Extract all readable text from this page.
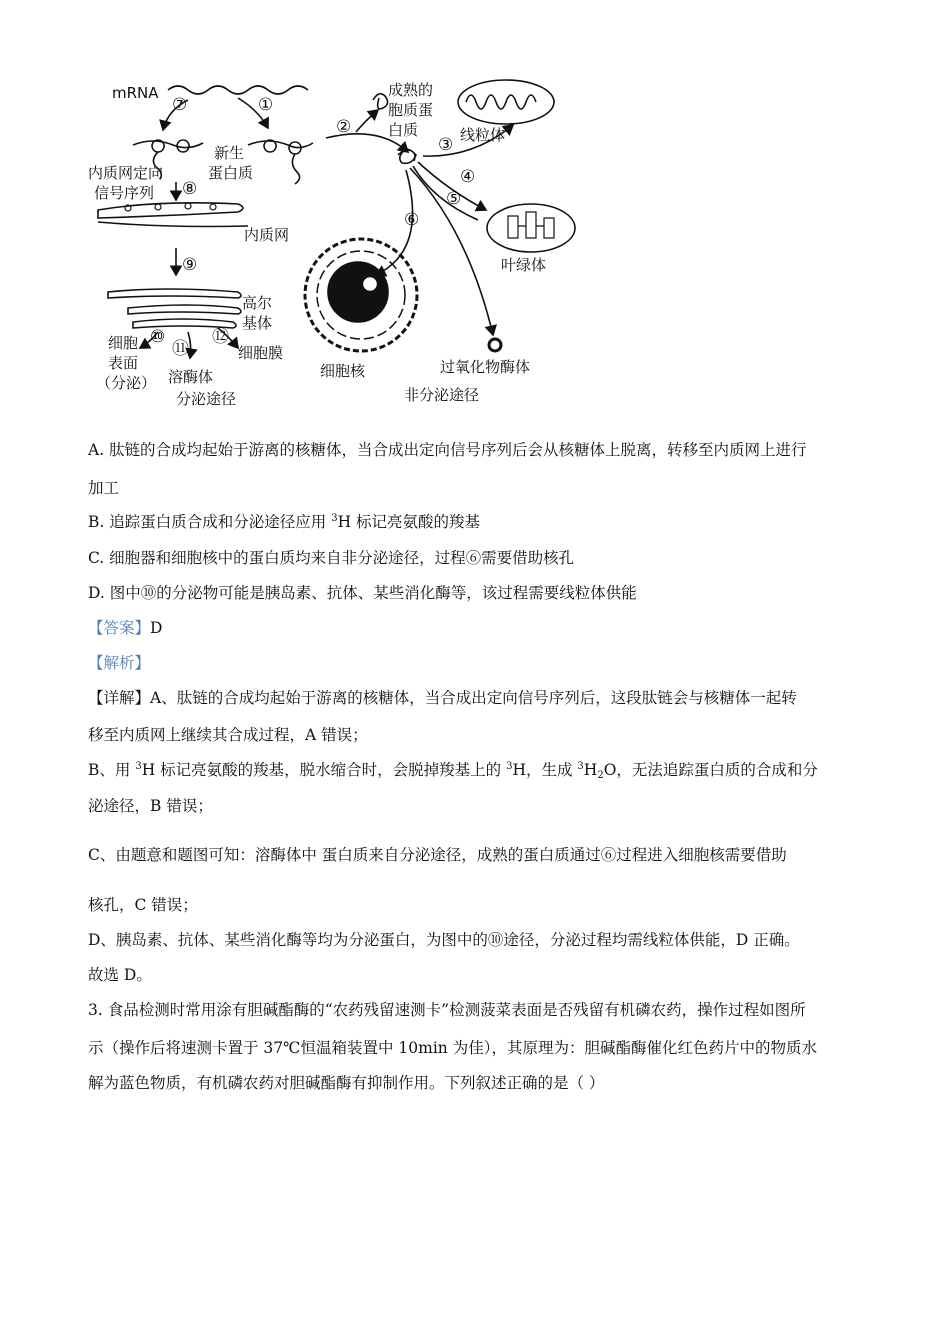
mRNA
⑦	①
②
成熟的
胞质蛋
白质	线粒体
③
新生
蛋白质
内质网定向
信号序列 ⑧
④
⑤
⑥
内质网
⑨	叶绿体
高尔
基体
⑩	⑫
⑪
细胞
表面
（分泌）
细胞膜
溶酶体
分泌途径
细胞核	过氧化物酶体
非分泌途径
A. 肽链的合成均起始于游离的核糖体，当合成出定向信号序列后会从核糖体上脱离，转移至内质网上进行
加工
B. 追踪蛋白质合成和分泌途径应用 $^3$H 标记亮氨酸的羧基
C. 细胞器和细胞核中的蛋白质均来自非分泌途径，过程⑥需要借助核孔
D. 图中⑩的分泌物可能是胰岛素、抗体、某些消化酶等，该过程需要线粒体供能
【答案】D
【解析】
【详解】A、肽链的合成均起始于游离的核糖体，当合成出定向信号序列后，这段肽链会与核糖体一起转
移至内质网上继续其合成过程，A 错误；
B、用 $^3$H 标记亮氨酸的羧基，脱水缩合时，会脱掉羧基上的 $^3$H，生成 $^3H_2O$，无法追踪蛋白质的合成和分
泌途径，B 错误；
C、由题意和题图可知：溶酶体中 蛋白质来自分泌途径，成熟的蛋白质通过⑥过程进入细胞核需要借助
核孔，C 错误；
D、胰岛素、抗体、某些消化酶等均为分泌蛋白，为图中的⑩途径，分泌过程均需线粒体供能，D 正确。
故选 D。
3. 食品检测时常用涂有胆碱酯酶的“农药残留速测卡”检测菠菜表面是否残留有机磷农药，操作过程如图所
示（操作后将速测卡置于 37℃恒温箱装置中 10min 为佳），其原理为：胆碱酯酶催化红色药片中的物质水
解为蓝色物质，有机磷农药对胆碱酯酶有抑制作用。下列叙述正确的是（ ）
